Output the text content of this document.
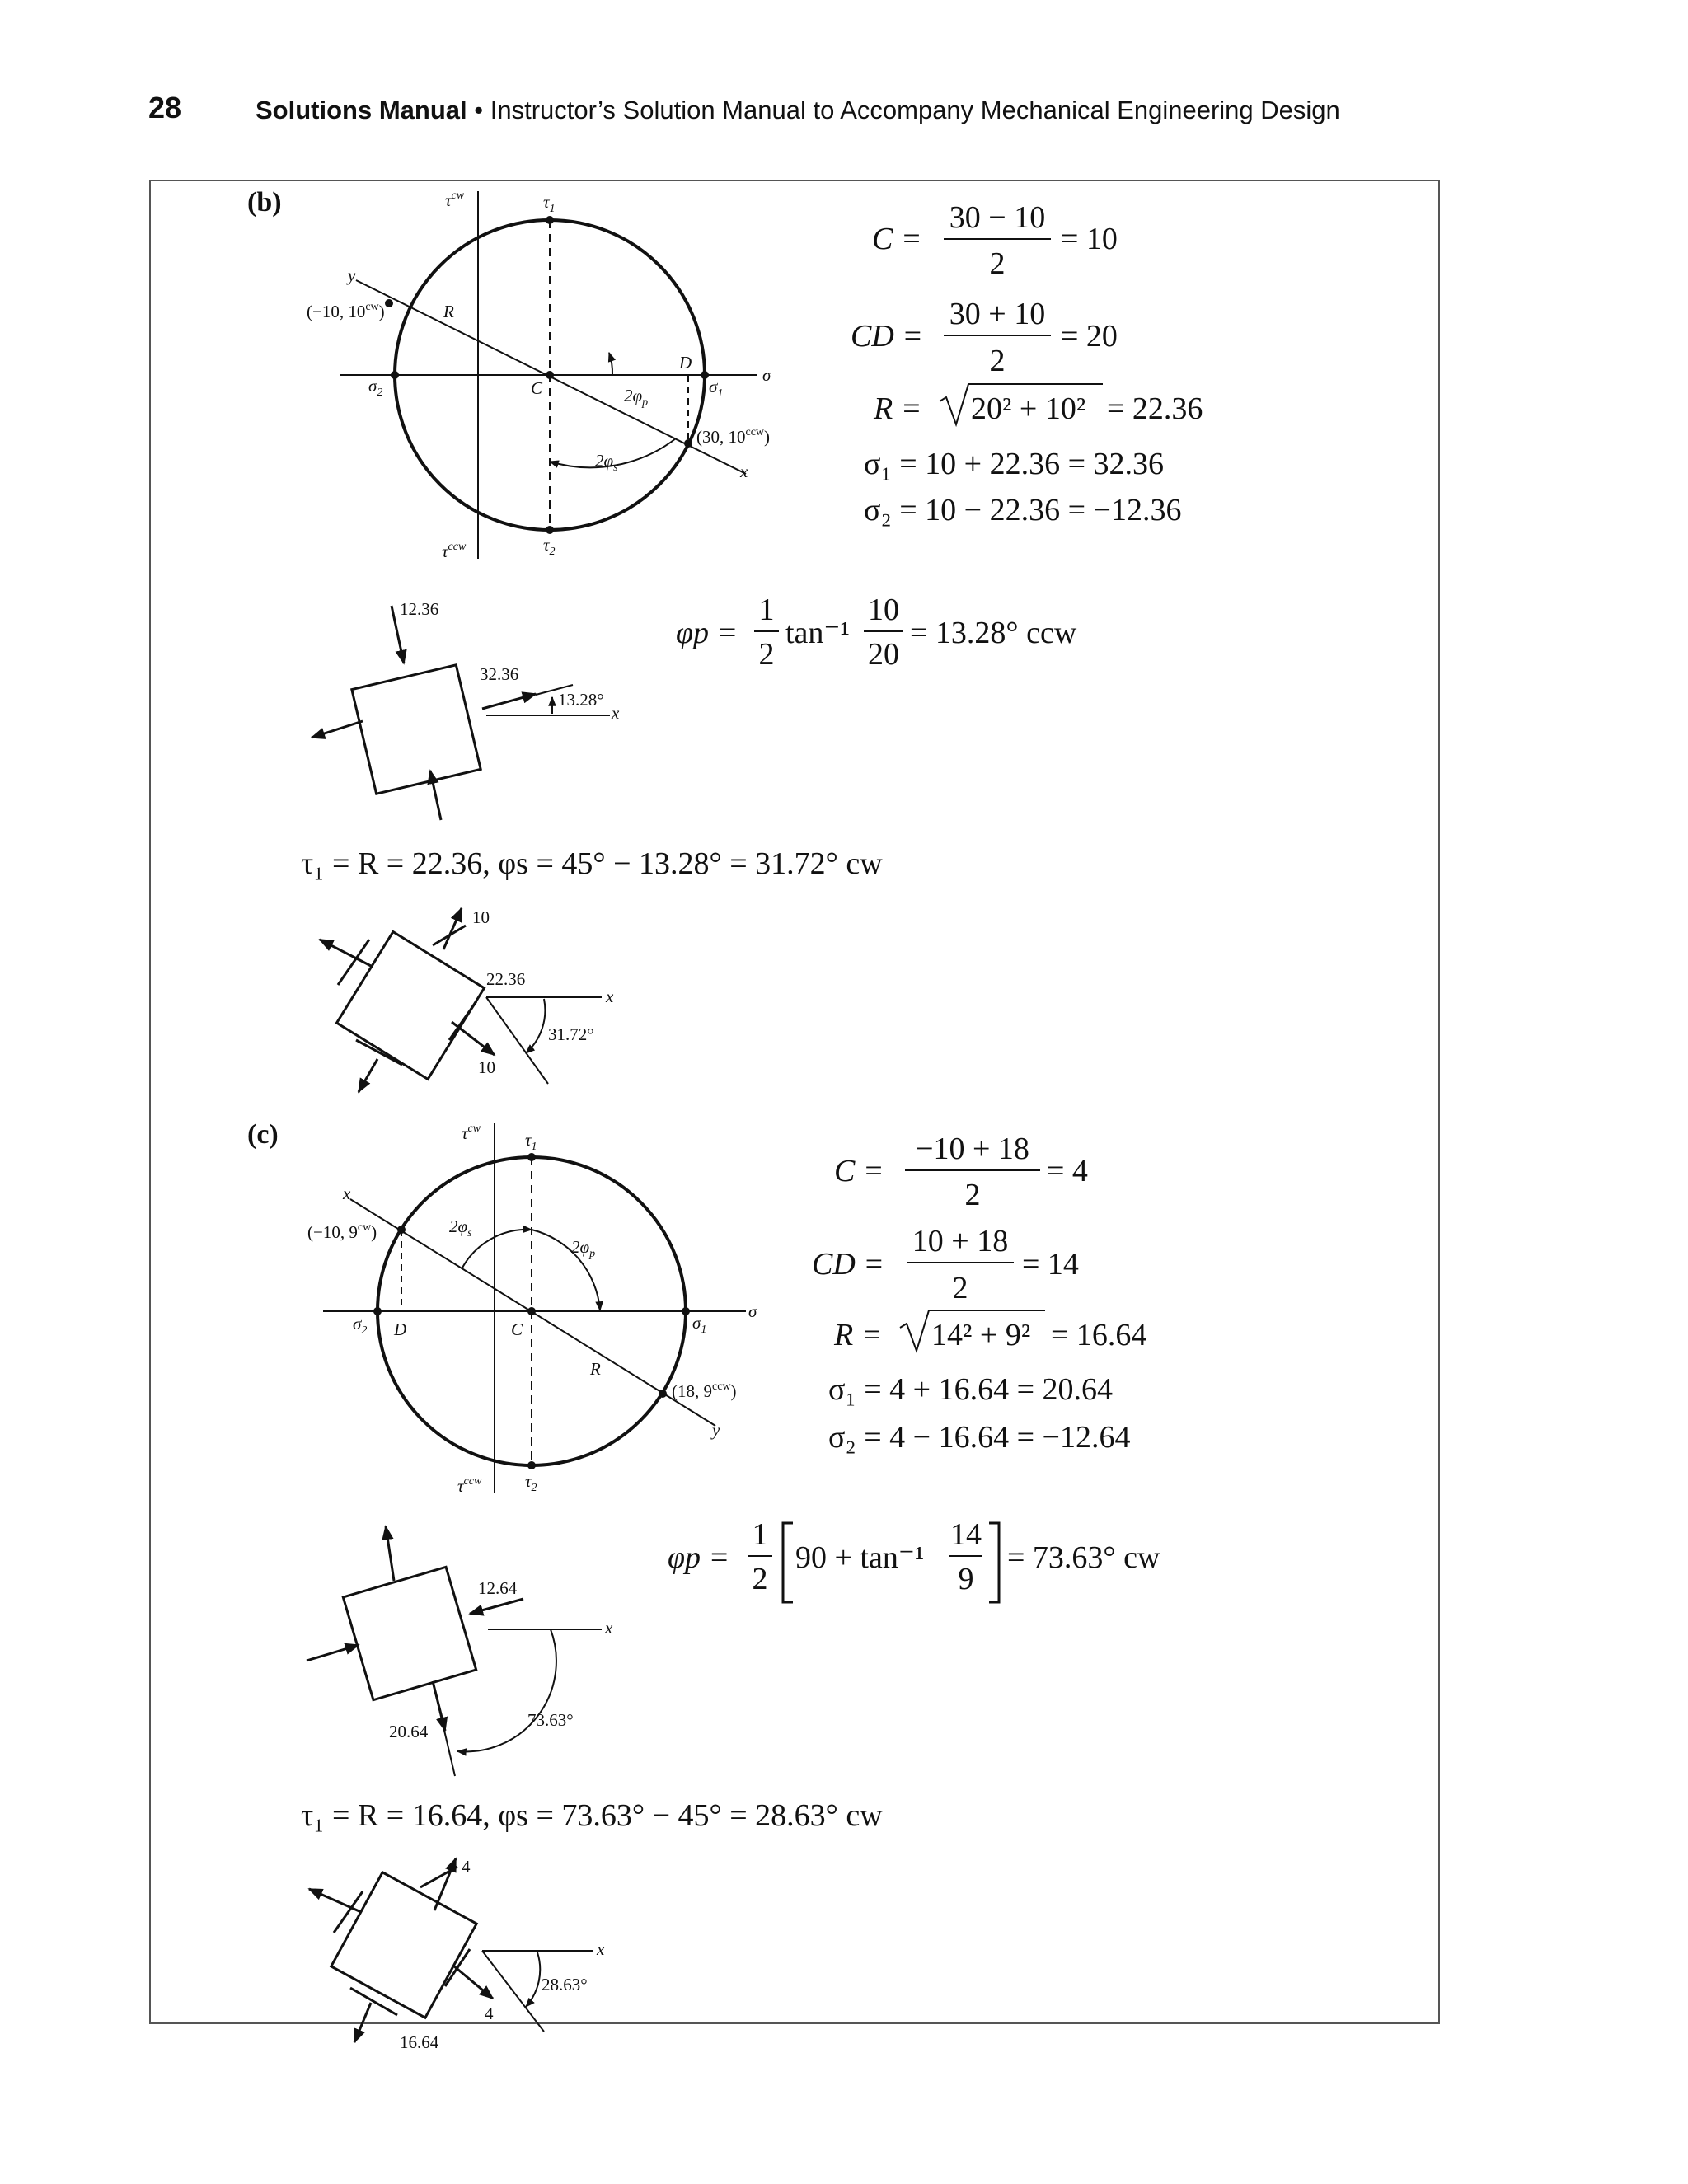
28	Solutions Manual • Instructor’s Solution Manual to Accompany Mechanical Engineering Design
(b)	$\tau^{cw}$	$\tau_1$
$\tau^{ccw}$	$\tau_2$
σ
$\sigma_2$	$\sigma_1$
y
x
R
C
D
(−10, $10^{cw}$)
(30, $10^{ccw}$)
$2\varphi_p$
$2\varphi_s$
C =
30 − 10
2
= 10
CD =
30 + 10
2
= 20
R = 20² + 10² = 22.36
σ₁ = 10 + 22.36 = 32.36
σ₂ = 10 − 22.36 = −12.36
φp =
1
2
tan⁻¹
10
20
= 13.28° ccw
τ₁ = R = 22.36, φs = 45° − 13.28° = 31.72° cw
12.36
32.36
13.28°
x
10
22.36
10
31.72°
x
(c)	$\tau^{cw}$
$\tau_1$
$\tau^{ccw}$	$\tau_2$
σ
$\sigma_2$	$\sigma_1$
x
y
R
C
D
(−10, $9^{cw}$)
(18, $9^{ccw}$)
$2\varphi_s$
$2\varphi_p$
C =
−10 + 18
2
= 4
CD =
10 + 18
2
= 14
R = 14² + 9² = 16.64
σ₁ = 4 + 16.64 = 20.64
σ₂ = 4 − 16.64 = −12.64
φp =
1
2
90 + tan⁻¹
14
9
= 73.63° cw
τ₁ = R = 16.64, φs = 73.63° − 45° = 28.63° cw
12.64
20.64
73.63°
x
4
4
16.64
28.63°
x
